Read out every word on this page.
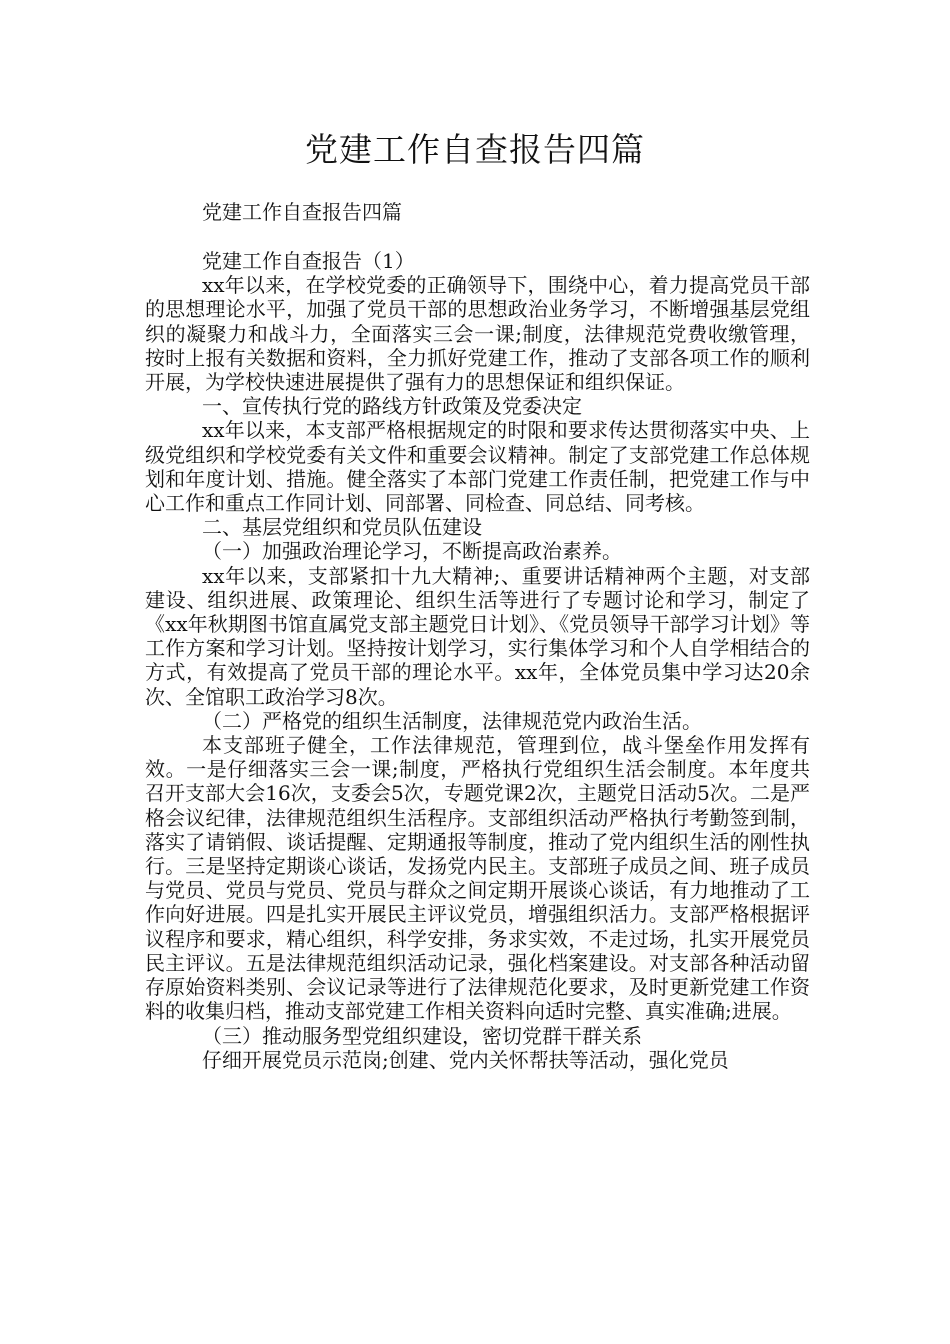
党建工作自查报告四篇
党建工作自查报告四篇

党建工作自查报告（1）

xx年以来，在学校党委的正确领导下，围绕中心，着力提高党员干部的思想理论水平，加强了党员干部的思想政治业务学习，不断增强基层党组织的凝聚力和战斗力，全面落实三会一课;制度，法律规范党费收缴管理，按时上报有关数据和资料，全力抓好党建工作，推动了支部各项工作的顺利开展，为学校快速进展提供了强有力的思想保证和组织保证。

一、宣传执行党的路线方针政策及党委决定

xx年以来，本支部严格根据规定的时限和要求传达贯彻落实中央、上级党组织和学校党委有关文件和重要会议精神。制定了支部党建工作总体规划和年度计划、措施。健全落实了本部门党建工作责任制，把党建工作与中心工作和重点工作同计划、同部署、同检查、同总结、同考核。

二、基层党组织和党员队伍建设

（一）加强政治理论学习，不断提高政治素养。

xx年以来，支部紧扣十九大精神;、重要讲话精神两个主题，对支部建设、组织进展、政策理论、组织生活等进行了专题讨论和学习，制定了《xx年秋期图书馆直属党支部主题党日计划》、《党员领导干部学习计划》等工作方案和学习计划。坚持按计划学习，实行集体学习和个人自学相结合的方式，有效提高了党员干部的理论水平。xx年，全体党员集中学习达20余次、全馆职工政治学习8次。

（二）严格党的组织生活制度，法律规范党内政治生活。

本支部班子健全，工作法律规范，管理到位，战斗堡垒作用发挥有效。一是仔细落实三会一课;制度，严格执行党组织生活会制度。本年度共召开支部大会16次，支委会5次，专题党课2次，主题党日活动5次。二是严格会议纪律，法律规范组织生活程序。支部组织活动严格执行考勤签到制，落实了请销假、谈话提醒、定期通报等制度，推动了党内组织生活的刚性执行。三是坚持定期谈心谈话，发扬党内民主。支部班子成员之间、班子成员与党员、党员与党员、党员与群众之间定期开展谈心谈话，有力地推动了工作向好进展。四是扎实开展民主评议党员，增强组织活力。支部严格根据评议程序和要求，精心组织，科学安排，务求实效，不走过场，扎实开展党员民主评议。五是法律规范组织活动记录，强化档案建设。对支部各种活动留存原始资料类别、会议记录等进行了法律规范化要求，及时更新党建工作资料的收集归档，推动支部党建工作相关资料向适时完整、真实准确;进展。

（三）推动服务型党组织建设，密切党群干群关系

仔细开展党员示范岗;创建、党内关怀帮扶等活动，强化党员
